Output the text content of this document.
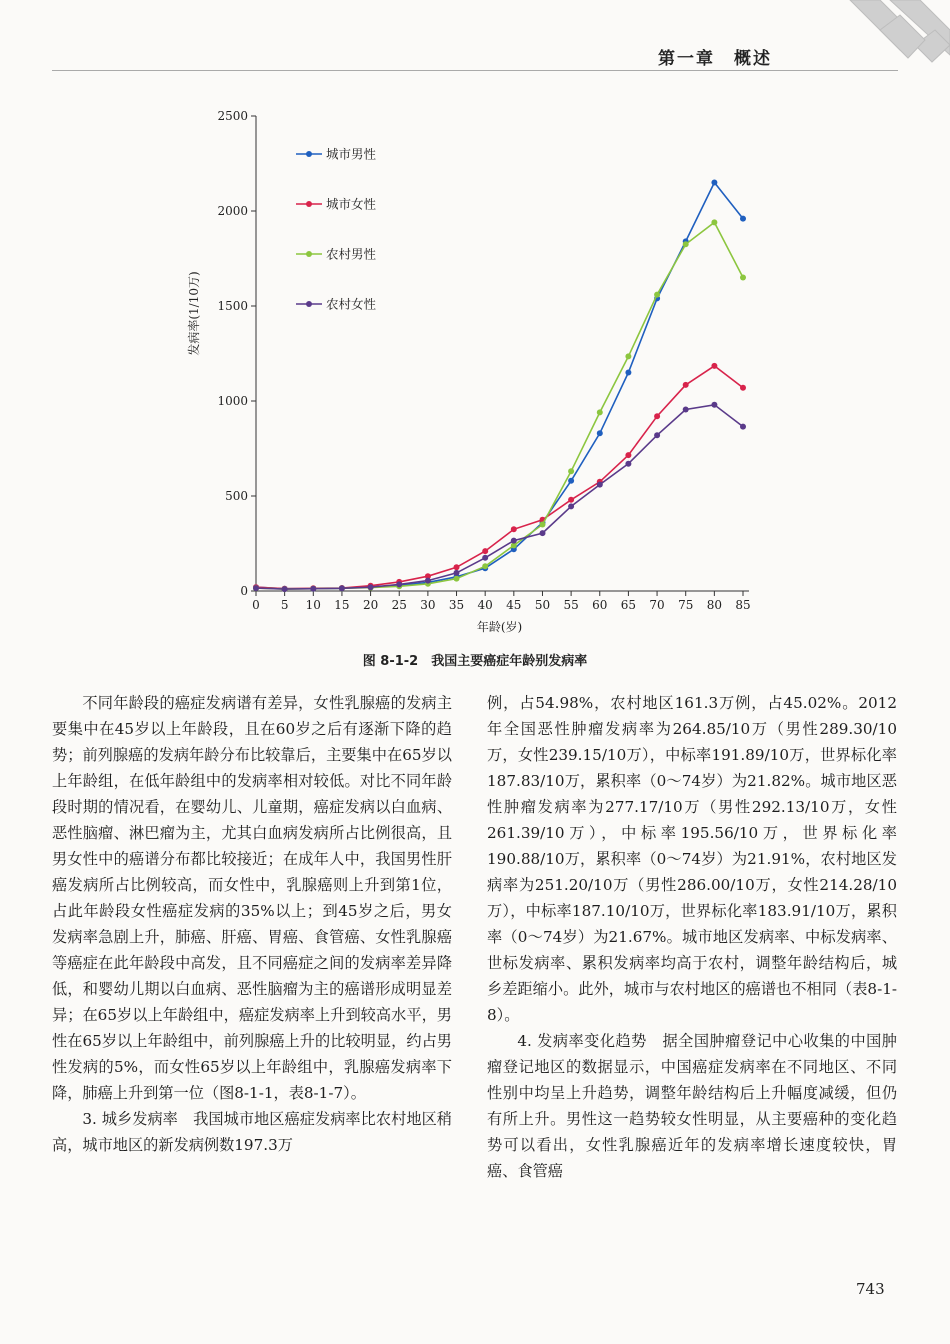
第一章　概述
0
500
1000
1500
2000
2500
0 5 10 15 20 25 30 35 40 45 50 55 60 65 70 75 80 85
年龄(岁)
发病率(1/10万)
城市男性
城市女性
农村男性
农村女性
图 8-1-2　我国主要癌症年龄别发病率

不同年龄段的癌症发病谱有差异，女性乳腺癌的发病主要集中在45岁以上年龄段，且在60岁之后有逐渐下降的趋势；前列腺癌的发病年龄分布比较靠后，主要集中在65岁以上年龄组，在低年龄组中的发病率相对较低。对比不同年龄段时期的情况看，在婴幼儿、儿童期，癌症发病以白血病、恶性脑瘤、淋巴瘤为主，尤其白血病发病所占比例很高，且男女性中的癌谱分布都比较接近；在成年人中，我国男性肝癌发病所占比例较高，而女性中，乳腺癌则上升到第1位，占此年龄段女性癌症发病的35%以上；到45岁之后，男女发病率急剧上升，肺癌、肝癌、胃癌、食管癌、女性乳腺癌等癌症在此年龄段中高发，且不同癌症之间的发病率差异降低，和婴幼儿期以白血病、恶性脑瘤为主的癌谱形成明显差异；在65岁以上年龄组中，癌症发病率上升到较高水平，男性在65岁以上年龄组中，前列腺癌上升的比较明显，约占男性发病的5%，而女性65岁以上年龄组中，乳腺癌发病率下降，肺癌上升到第一位（图8-1-1，表8-1-7）。

3. 城乡发病率　我国城市地区癌症发病率比农村地区稍高，城市地区的新发病例数197.3万

例，占54.98%，农村地区161.3万例，占45.02%。2012年全国恶性肿瘤发病率为264.85/10万（男性289.30/10万，女性239.15/10万），中标率191.89/10万，世界标化率187.83/10万，累积率（0～74岁）为21.82%。城市地区恶性肿瘤发病率为277.17/10万（男性292.13/10万，女性261.39/10万），中标率195.56/10万，世界标化率190.88/10万，累积率（0～74岁）为21.91%，农村地区发病率为251.20/10万（男性286.00/10万，女性214.28/10万），中标率187.10/10万，世界标化率183.91/10万，累积率（0～74岁）为21.67%。城市地区发病率、中标发病率、世标发病率、累积发病率均高于农村，调整年龄结构后，城乡差距缩小。此外，城市与农村地区的癌谱也不相同（表8-1-8）。

4. 发病率变化趋势　据全国肿瘤登记中心收集的中国肿瘤登记地区的数据显示，中国癌症发病率在不同地区、不同性别中均呈上升趋势，调整年龄结构后上升幅度减缓，但仍有所上升。男性这一趋势较女性明显，从主要癌种的变化趋势可以看出，女性乳腺癌近年的发病率增长速度较快，胃癌、食管癌

743
